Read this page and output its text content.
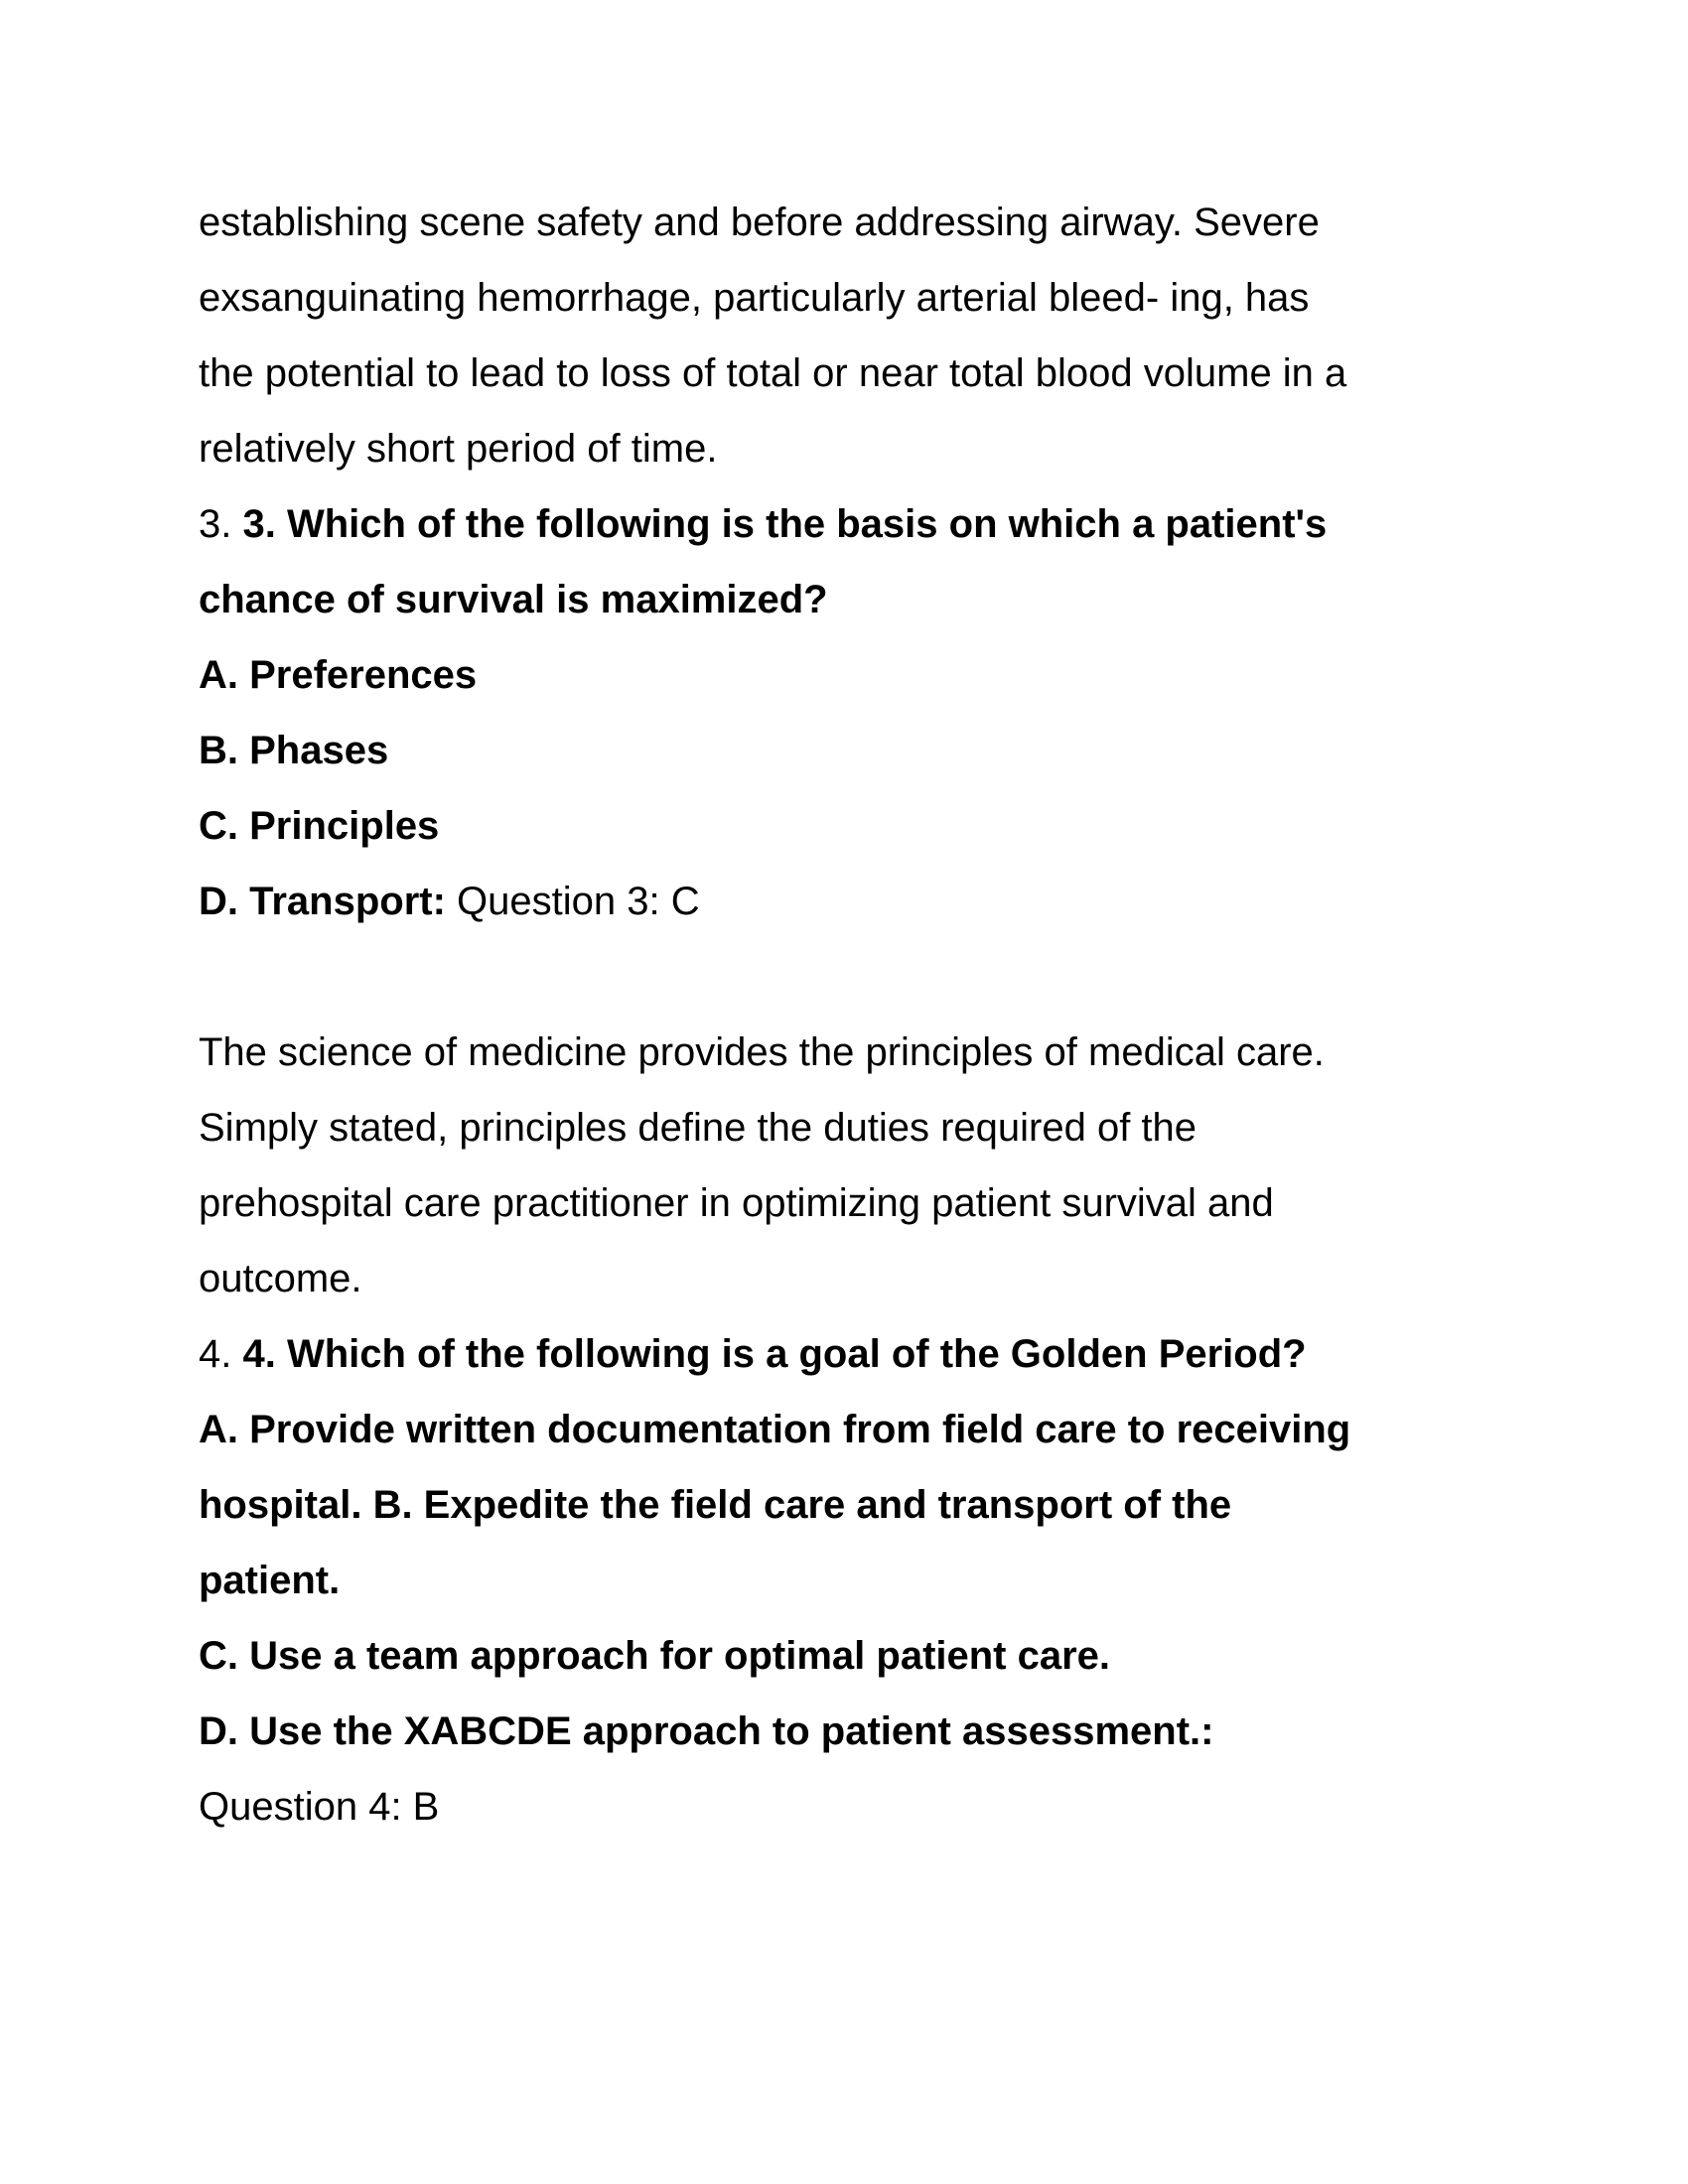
establishing scene safety and before addressing airway. Severe
exsanguinating hemorrhage, particularly arterial bleed- ing, has
the potential to lead to loss of total or near total blood volume in a
relatively short period of time.
3. 3. Which of the following is the basis on which a patient's
chance of survival is maximized?
A. Preferences
B. Phases
C. Principles
D. Transport: Question 3: C
The science of medicine provides the principles of medical care.
Simply stated, principles define the duties required of the
prehospital care practitioner in optimizing patient survival and
outcome.
4. 4. Which of the following is a goal of the Golden Period?
A. Provide written documentation from field care to receiving
hospital. B. Expedite the field care and transport of the
patient.
C. Use a team approach for optimal patient care.
D. Use the XABCDE approach to patient assessment.:
Question 4: B
